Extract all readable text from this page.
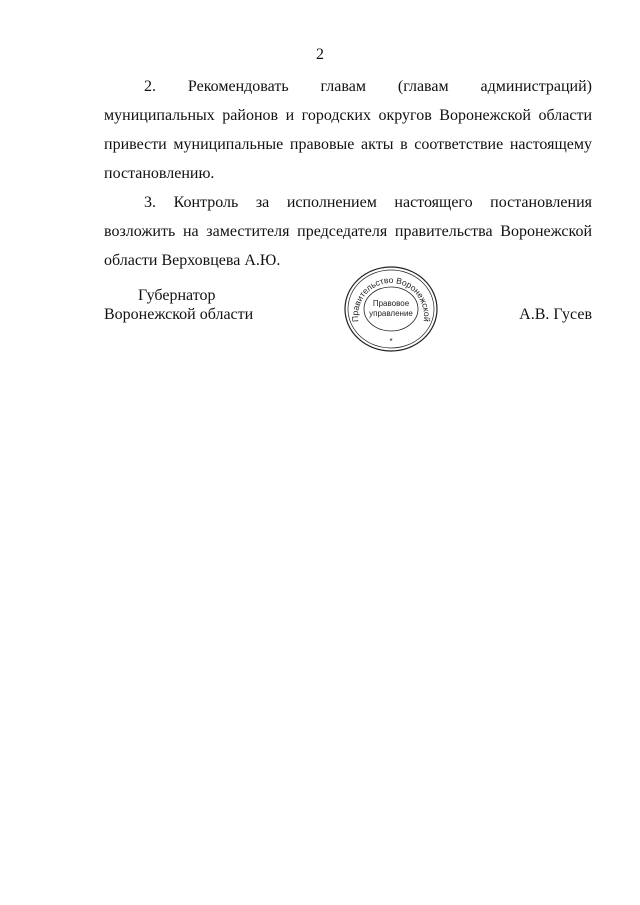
2

2. Рекомендовать главам (главам администраций) муниципальных районов и городских округов Воронежской области привести муниципальные правовые акты в соответствие настоящему постановлению.

3. Контроль за исполнением настоящего постановления возложить на заместителя председателя правительства Воронежской области Верховцева А.Ю.

Губернатор
Воронежской области	Правительство Воронежской
Правовое
управление
*
А.В. Гусев
